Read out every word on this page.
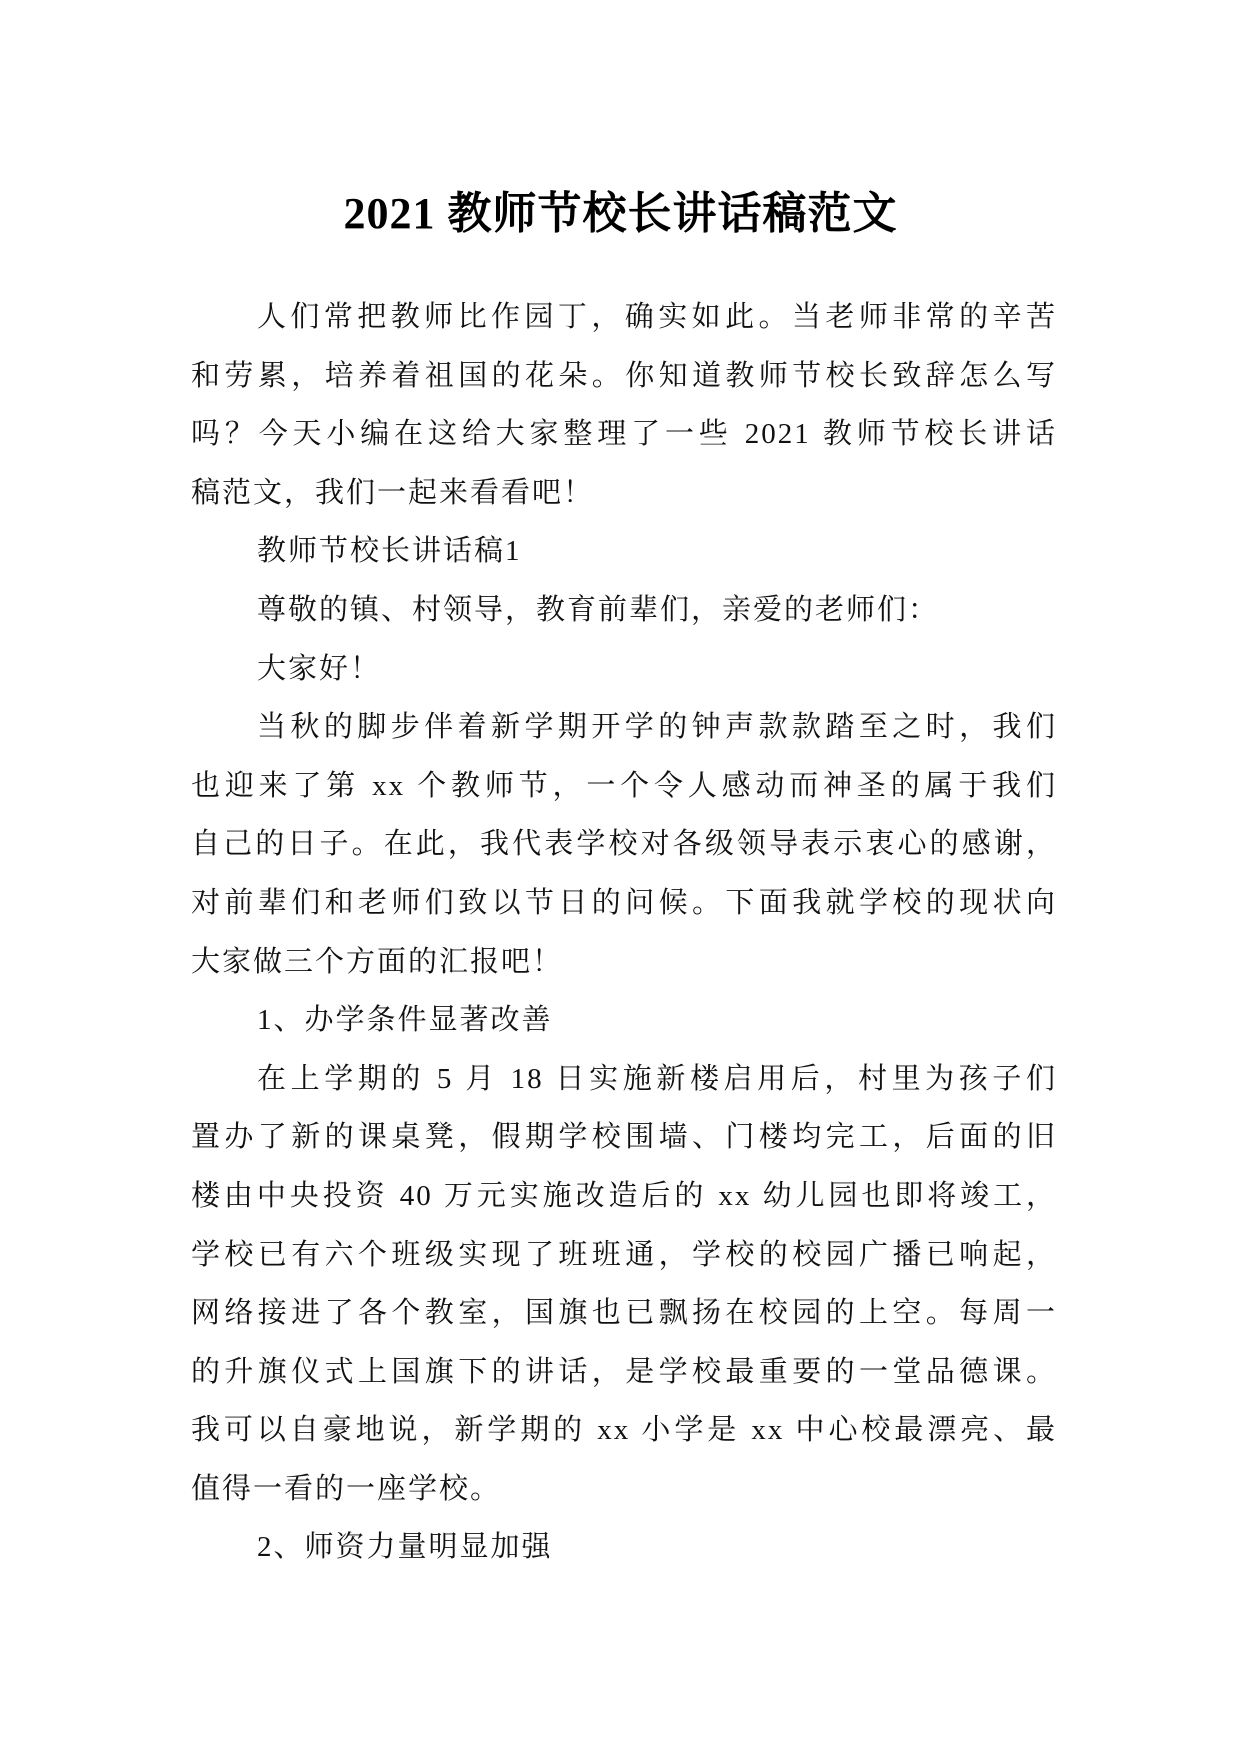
2021 教师节校长讲话稿范文
人们常把教师比作园丁，确实如此。当老师非常的辛苦
和劳累，培养着祖国的花朵。你知道教师节校长致辞怎么写
吗？今天小编在这给大家整理了一些 2021 教师节校长讲话
稿范文，我们一起来看看吧！
教师节校长讲话稿1
尊敬的镇、村领导，教育前辈们，亲爱的老师们：
大家好！
当秋的脚步伴着新学期开学的钟声款款踏至之时，我们
也迎来了第 xx 个教师节，一个令人感动而神圣的属于我们
自己的日子。在此，我代表学校对各级领导表示衷心的感谢，
对前辈们和老师们致以节日的问候。下面我就学校的现状向
大家做三个方面的汇报吧！
1、办学条件显著改善
在上学期的 5 月 18 日实施新楼启用后，村里为孩子们
置办了新的课桌凳，假期学校围墙、门楼均完工，后面的旧
楼由中央投资 40 万元实施改造后的 xx 幼儿园也即将竣工，
学校已有六个班级实现了班班通，学校的校园广播已响起，
网络接进了各个教室，国旗也已飘扬在校园的上空。每周一
的升旗仪式上国旗下的讲话，是学校最重要的一堂品德课。
我可以自豪地说，新学期的 xx 小学是 xx 中心校最漂亮、最
值得一看的一座学校。
2、师资力量明显加强
